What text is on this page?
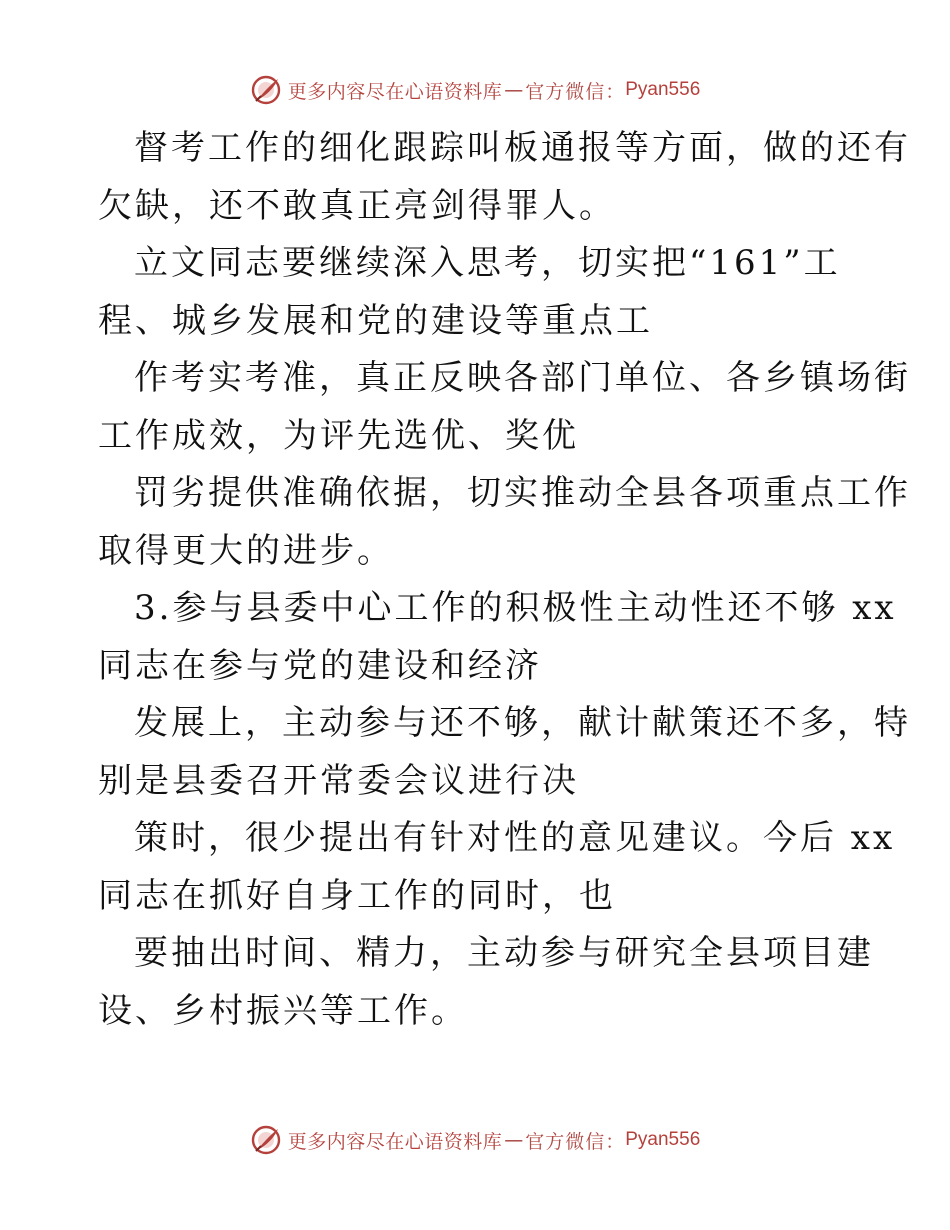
更多内容尽在心语资料库 — 官方微信： Pyan556
督考工作的细化跟踪叫板通报等方面，做的还有
欠缺，还不敢真正亮剑得罪人。
立文同志要继续深入思考，切实把“161”工
程、城乡发展和党的建设等重点工
作考实考准，真正反映各部门单位、各乡镇场街
工作成效，为评先选优、奖优
罚劣提供准确依据，切实推动全县各项重点工作
取得更大的进步。
3.参与县委中心工作的积极性主动性还不够 xx
同志在参与党的建设和经济
发展上，主动参与还不够，献计献策还不多，特
别是县委召开常委会议进行决
策时，很少提出有针对性的意见建议。今后 xx
同志在抓好自身工作的同时，也
要抽出时间、精力，主动参与研究全县项目建
设、乡村振兴等工作。
更多内容尽在心语资料库 — 官方微信： Pyan556
